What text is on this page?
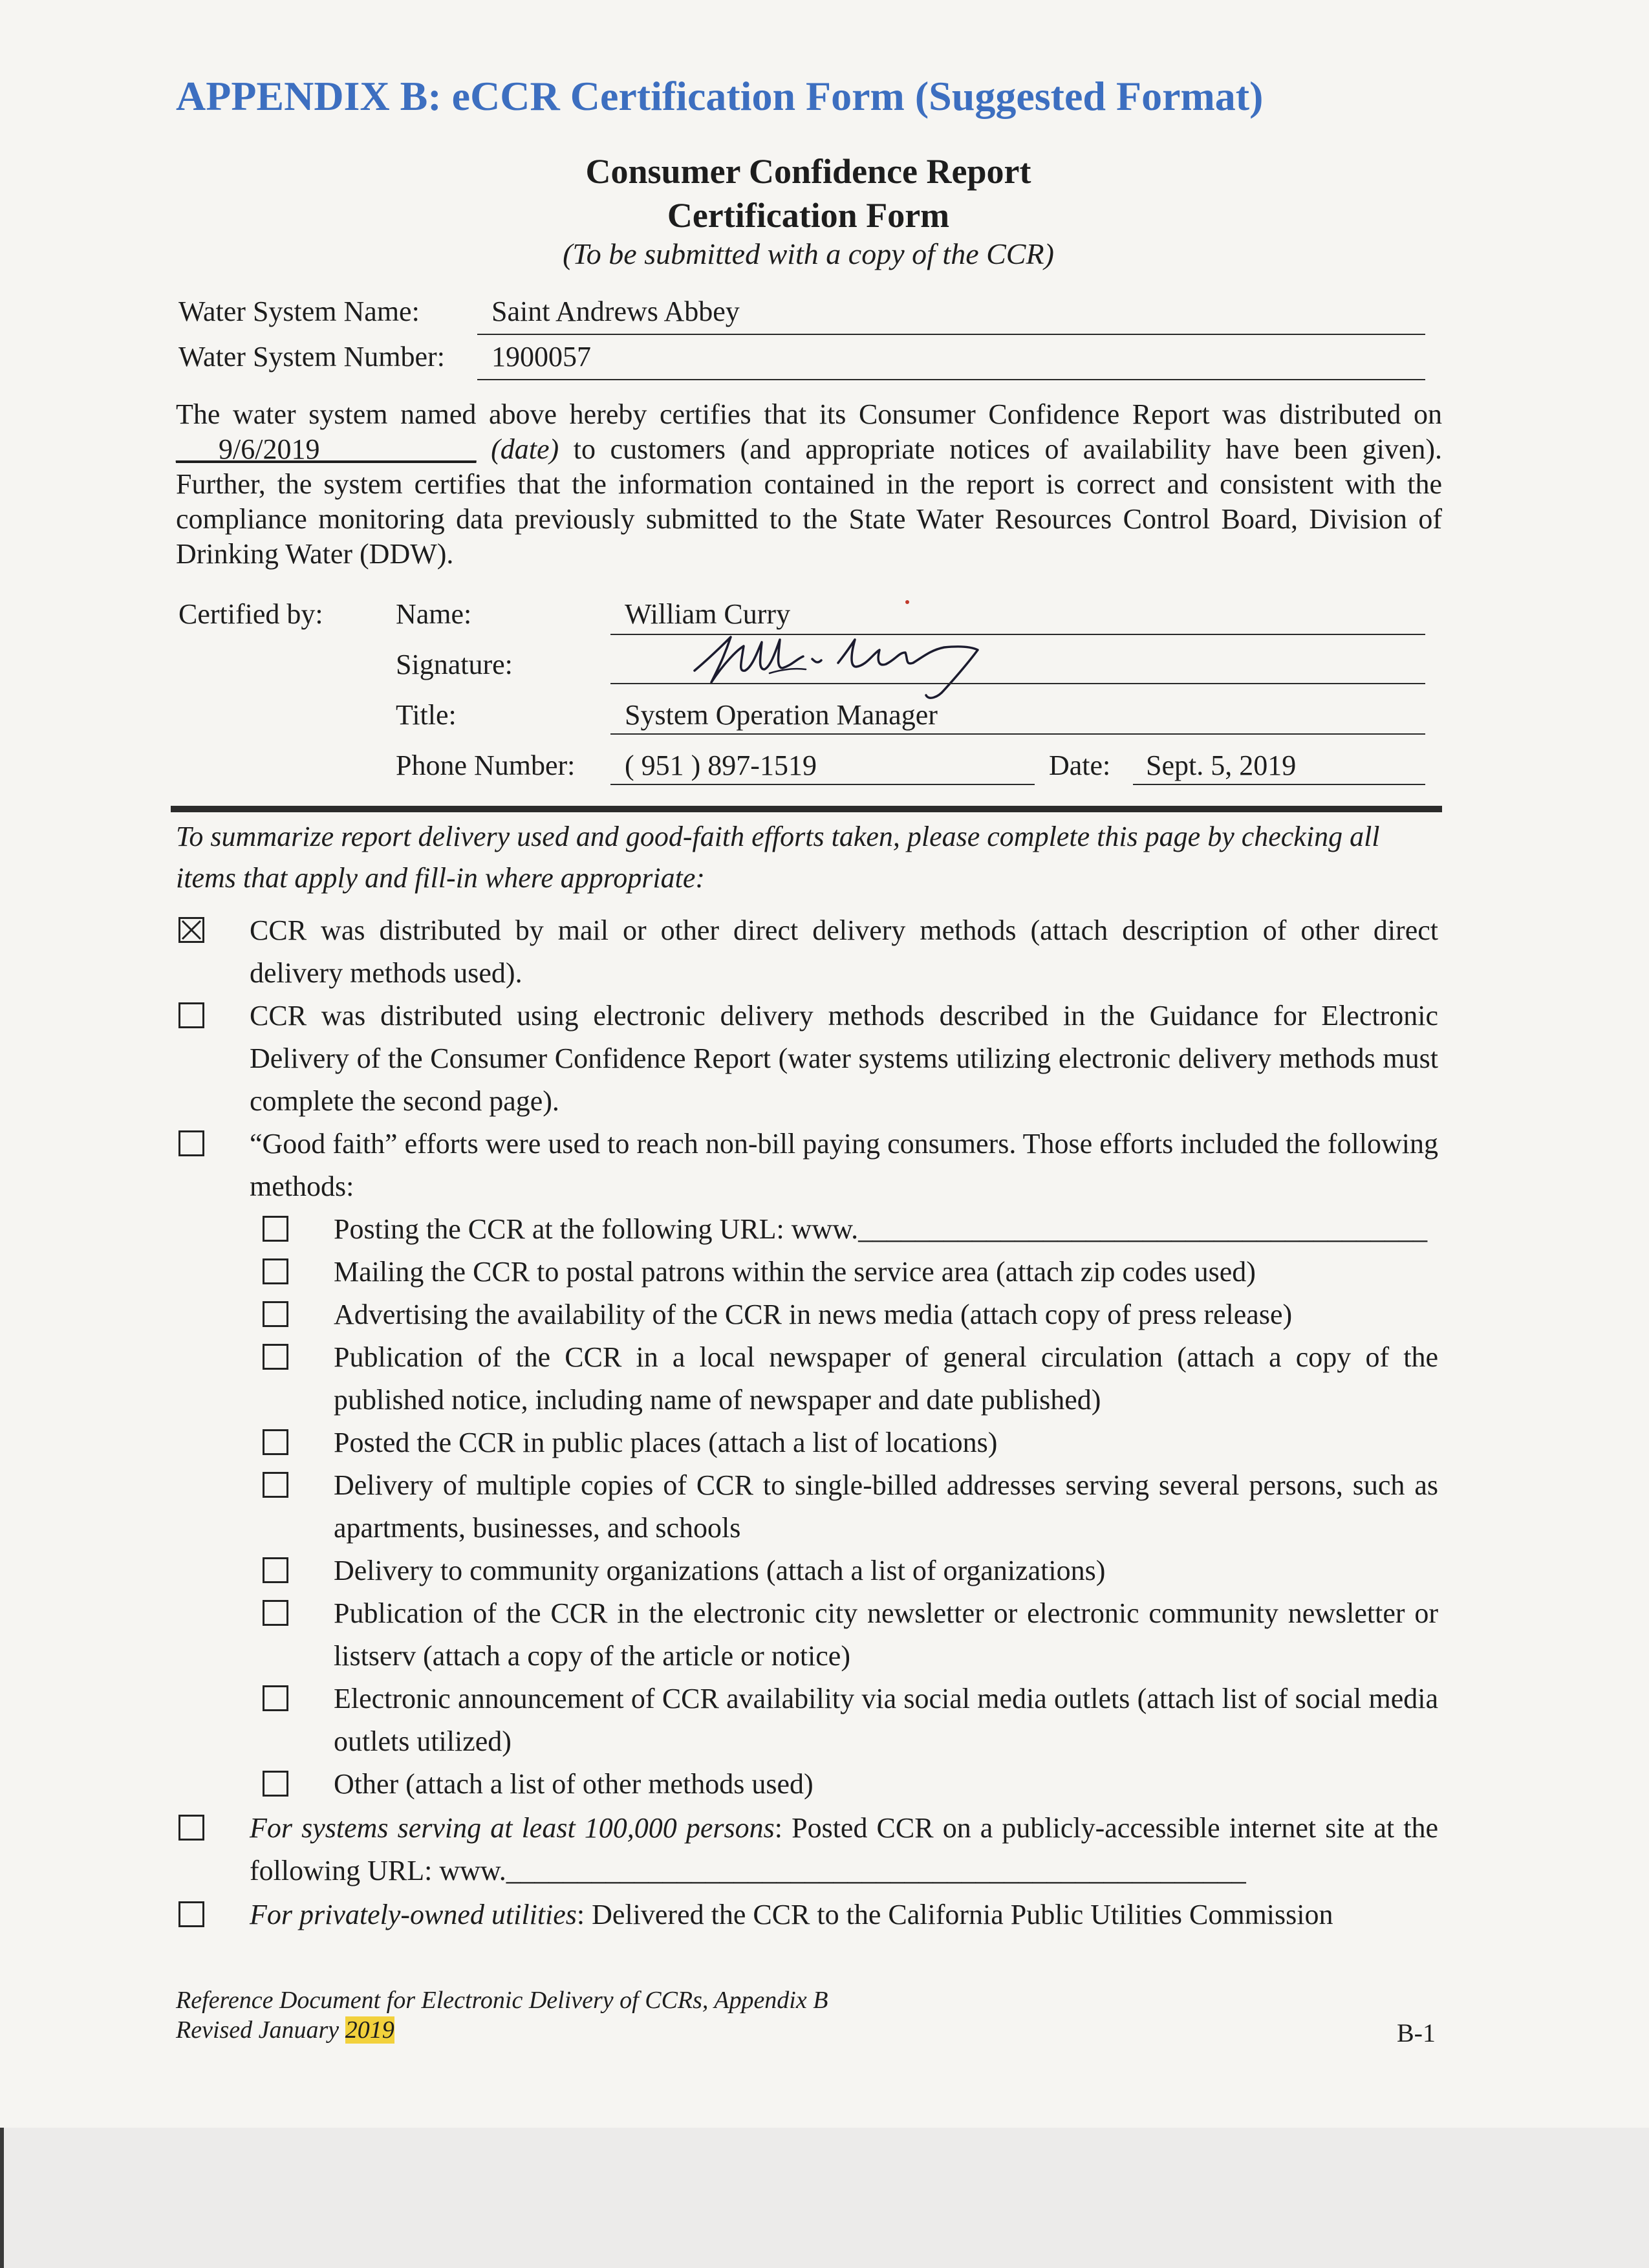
APPENDIX B: eCCR Certification Form (Suggested Format)
Consumer Confidence Report
Certification Form
(To be submitted with a copy of the CCR)
Water System Name:	Saint Andrews Abbey
Water System Number: 1900057
The water system named above hereby certifies that its Consumer Confidence Report was distributed on ___9/6/2019___________ (date) to customers (and appropriate notices of availability have been given). Further, the system certifies that the information contained in the report is correct and consistent with the compliance monitoring data previously submitted to the State Water Resources Control Board, Division of Drinking Water (DDW).
Certified by:	Name:	William Curry
Signature:
Title:	System Operation Manager
Phone Number: ( 951 ) 897-1519	Date: Sept. 5, 2019
To summarize report delivery used and good-faith efforts taken, please complete this page by checking all items that apply and fill-in where appropriate:
CCR was distributed by mail or other direct delivery methods (attach description of other direct delivery methods used).
CCR was distributed using electronic delivery methods described in the Guidance for Electronic Delivery of the Consumer Confidence Report (water systems utilizing electronic delivery methods must complete the second page).
“Good faith” efforts were used to reach non-bill paying consumers. Those efforts included the following methods:
Posting the CCR at the following URL: www.________________________________________
Mailing the CCR to postal patrons within the service area (attach zip codes used)
Advertising the availability of the CCR in news media (attach copy of press release)
Publication of the CCR in a local newspaper of general circulation (attach a copy of the published notice, including name of newspaper and date published)
Posted the CCR in public places (attach a list of locations)
Delivery of multiple copies of CCR to single-billed addresses serving several persons, such as apartments, businesses, and schools
Delivery to community organizations (attach a list of organizations)
Publication of the CCR in the electronic city newsletter or electronic community newsletter or listserv (attach a copy of the article or notice)
Electronic announcement of CCR availability via social media outlets (attach list of social media outlets utilized)
Other (attach a list of other methods used)
For systems serving at least 100,000 persons: Posted CCR on a publicly-accessible internet site at the following URL: www.____________________________________________________
For privately-owned utilities: Delivered the CCR to the California Public Utilities Commission
Reference Document for Electronic Delivery of CCRs, Appendix B
Revised January 2019	B-1
